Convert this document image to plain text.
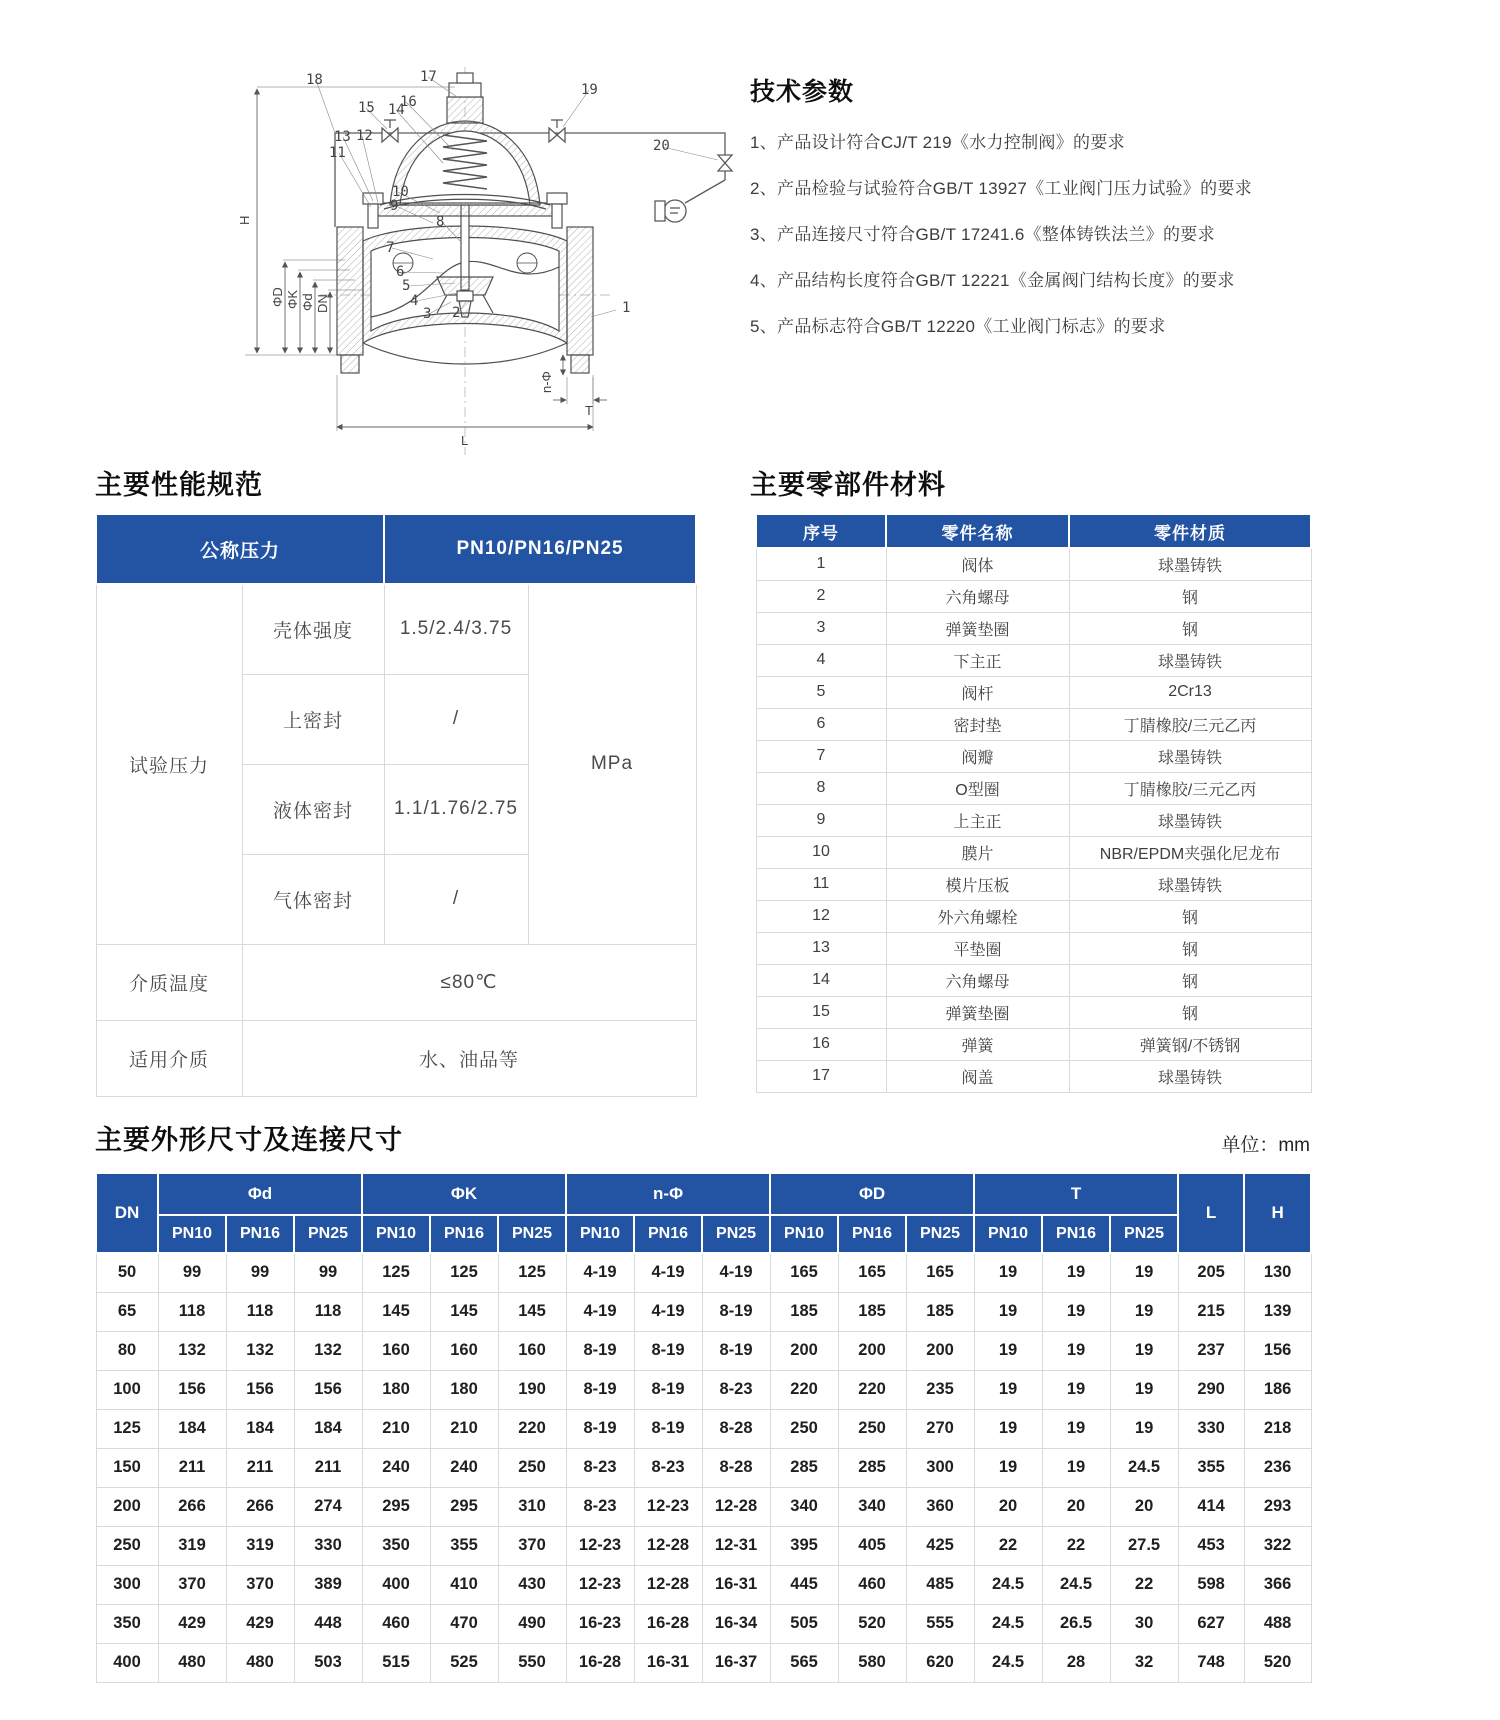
1
2
3
4
5
6
7
8
9
10
11
12
13
14
15 16
17
18
19
20
H
ΦD ΦK Φd DN
L
T
n-Φ
技术参数
1、产品设计符合CJ/T 219《水力控制阀》的要求
2、产品检验与试验符合GB/T 13927《工业阀门压力试验》的要求
3、产品连接尺寸符合GB/T 17241.6《整体铸铁法兰》的要求
4、产品结构长度符合GB/T 12221《金属阀门结构长度》的要求
5、产品标志符合GB/T 12220《工业阀门标志》的要求
主要性能规范
公称压力		PN10/PN16/PN25	
试验压力	壳体强度	1.5/2.4/3.75	MPa
	上密封	/	
	液体密封	1.1/1.76/2.75	
	气体密封	/	
介质温度	≤80℃		
适用介质	水、油品等		
主要零部件材料
序号	零件名称	零件材质
1	阀体	球墨铸铁
2	六角螺母	钢
3	弹簧垫圈	钢
4	下主正	球墨铸铁
5	阀杆	2Cr13
6	密封垫	丁腈橡胶/三元乙丙
7	阀瓣	球墨铸铁
8	O型圈	丁腈橡胶/三元乙丙
9	上主正	球墨铸铁
10	膜片	NBR/EPDM夹强化尼龙布
11	模片压板	球墨铸铁
12	外六角螺栓	钢
13	平垫圈	钢
14	六角螺母	钢
15	弹簧垫圈	钢
16	弹簧	弹簧钢/不锈钢
17	阀盖	球墨铸铁
主要外形尺寸及连接尺寸	单位：mm
DN	Φd			ΦK			n-Φ			ΦD			T			L	H
	PN10	PN16	PN25	PN10	PN16	PN25	PN10	PN16	PN25	PN10	PN16	PN25	PN10	PN16	PN25		
50	99	99	99	125	125	125	4-19	4-19	4-19	165	165	165	19	19	19	205	130
65	118	118	118	145	145	145	4-19	4-19	8-19	185	185	185	19	19	19	215	139
80	132	132	132	160	160	160	8-19	8-19	8-19	200	200	200	19	19	19	237	156
100	156	156	156	180	180	190	8-19	8-19	8-23	220	220	235	19	19	19	290	186
125	184	184	184	210	210	220	8-19	8-19	8-28	250	250	270	19	19	19	330	218
150	211	211	211	240	240	250	8-23	8-23	8-28	285	285	300	19	19	24.5	355	236
200	266	266	274	295	295	310	8-23	12-23	12-28	340	340	360	20	20	20	414	293
250	319	319	330	350	355	370	12-23	12-28	12-31	395	405	425	22	22	27.5	453	322
300	370	370	389	400	410	430	12-23	12-28	16-31	445	460	485	24.5	24.5	22	598	366
350	429	429	448	460	470	490	16-23	16-28	16-34	505	520	555	24.5	26.5	30	627	488
400	480	480	503	515	525	550	16-28	16-31	16-37	565	580	620	24.5	28	32	748	520
